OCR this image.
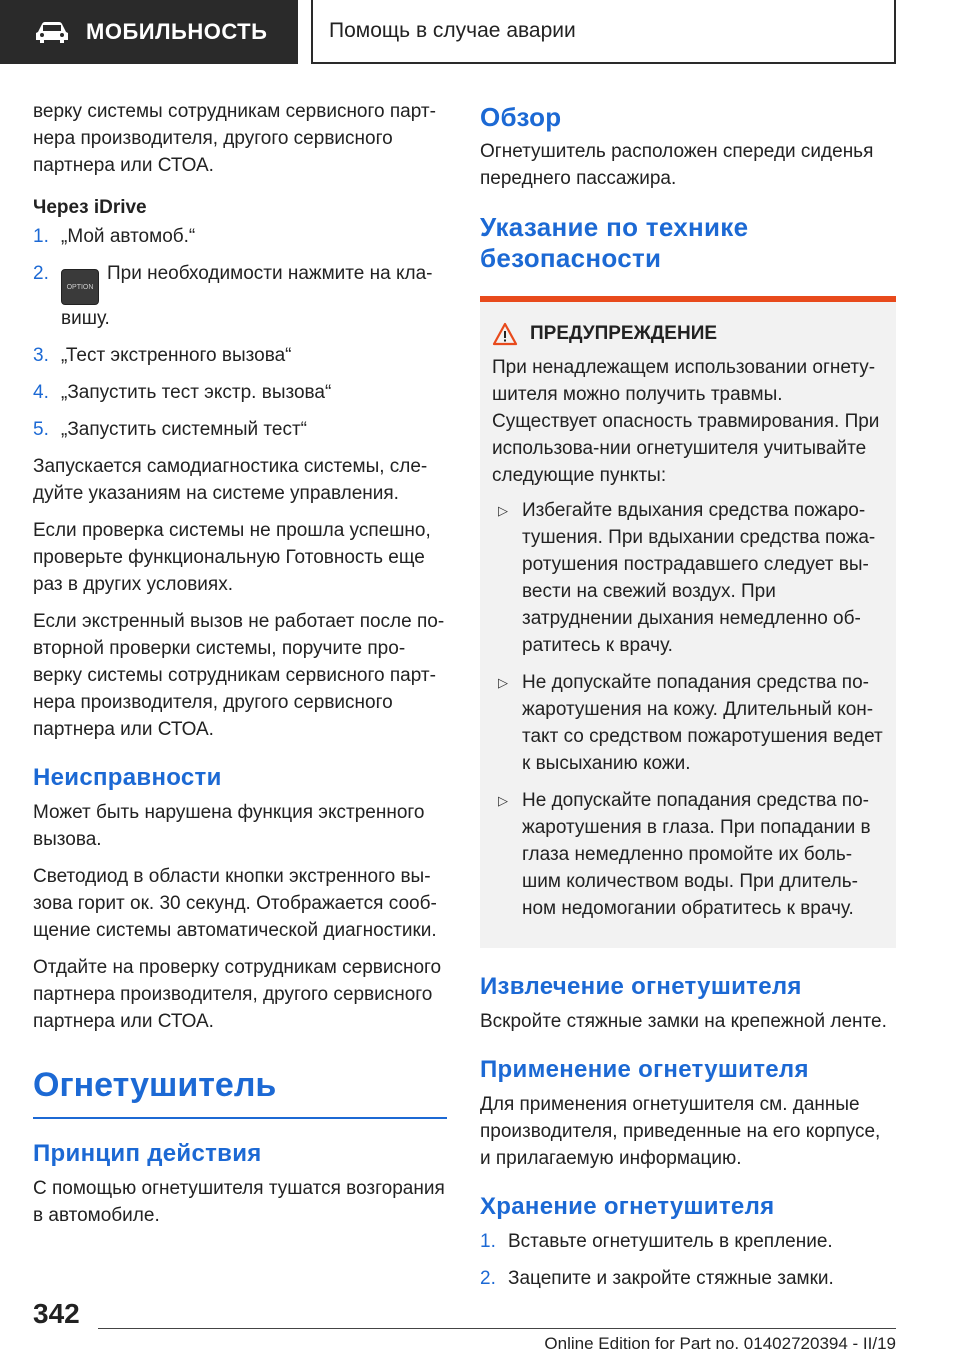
МОБИЛЬНОСТЬ	Помощь в случае аварии

верку системы сотрудникам сервисного парт-нера производителя, другого сервисного партнера или СТОА.

Через iDrive
1. „Мой автомоб.“
2.
OPTIONПри необходимости нажмите на кла-вишу.
3. „Тест экстренного вызова“
4. „Запустить тест экстр. вызова“
5. „Запустить системный тест“

Запускается самодиагностика системы, сле-дуйте указаниям на системе управления.

Если проверка системы не прошла успешно, проверьте функциональную Готовность еще раз в других условиях.

Если экстренный вызов не работает после по-вторной проверки системы, поручите про-верку системы сотрудникам сервисного парт-нера производителя, другого сервисного партнера или СТОА.

Неисправности

Может быть нарушена функция экстренного вызова.

Светодиод в области кнопки экстренного вы-зова горит ок. 30 секунд. Отображается сооб-щение системы автоматической диагностики.

Отдайте на проверку сотрудникам сервисного партнера производителя, другого сервисного партнера или СТОА.

Огнетушитель
Принцип действия

С помощью огнетушителя тушатся возгорания в автомобиле.

Обзор

Огнетушитель расположен спереди сиденья переднего пассажира.

Указание по технике безопасности
ПРЕДУПРЕЖДЕНИЕ

При ненадлежащем использовании огнету-шителя можно получить травмы. Существует опасность травмирования. При использова-нии огнетушителя учитывайте следующие пункты:

▷ Избегайте вдыхания средства пожаро-тушения. При вдыхании средства пожа-ротушения пострадавшего следует вы-вести на свежий воздух. При затруднении дыхания немедленно об-ратитесь к врачу.
▷ Не допускайте попадания средства по-жаротушения на кожу. Длительный кон-такт со средством пожаротушения ведет к высыханию кожи.
▷ Не допускайте попадания средства по-жаротушения в глаза. При попадании в глаза немедленно промойте их боль-шим количеством воды. При длитель-ном недомогании обратитесь к врачу.
Извлечение огнетушителя

Вскройте стяжные замки на крепежной ленте.

Применение огнетушителя

Для применения огнетушителя см. данные производителя, приведенные на его корпусе, и прилагаемую информацию.

Хранение огнетушителя
1. Вставьте огнетушитель в крепление.
2. Зацепите и закройте стяжные замки.
342
Online Edition for Part no. 01402720394 - II/19
